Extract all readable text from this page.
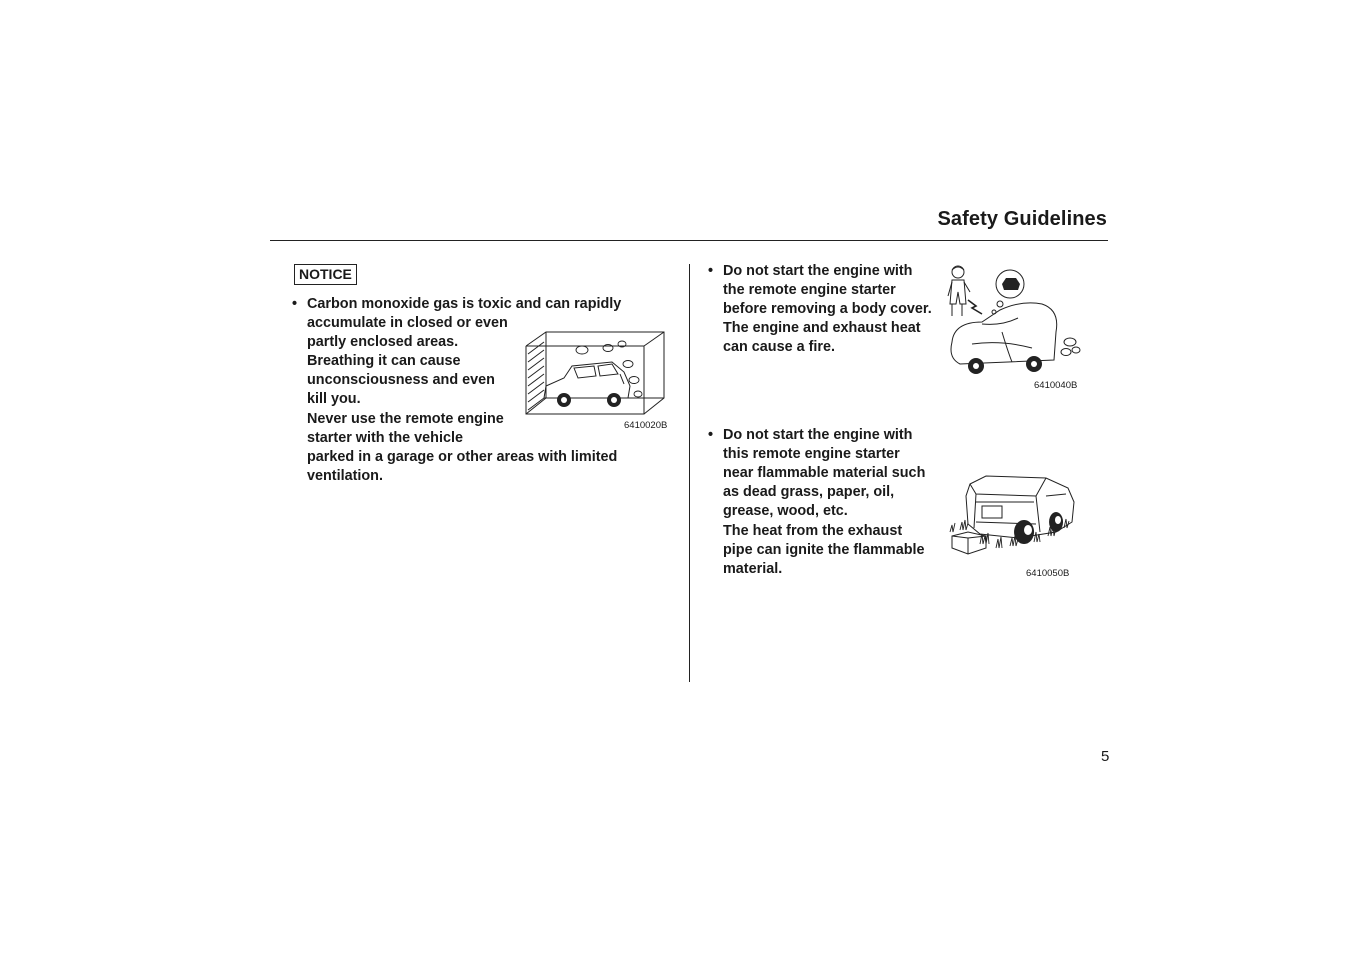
Safety Guidelines
NOTICE
• Carbon monoxide gas is toxic and can rapidly
accumulate in closed or even
partly enclosed areas.
Breathing it can cause
unconsciousness and even
kill you.
Never use the remote engine
starter with the vehicle
parked in a garage or other areas with limited
ventilation.
6410020B
• Do not start the engine with
the remote engine starter
before removing a body cover.
The engine and exhaust heat
can cause a fire.
6410040B
• Do not start the engine with
this remote engine starter
near flammable material such
as dead grass, paper, oil,
grease, wood, etc.
The heat from the exhaust
pipe can ignite the flammable
material.	6410050B
5
